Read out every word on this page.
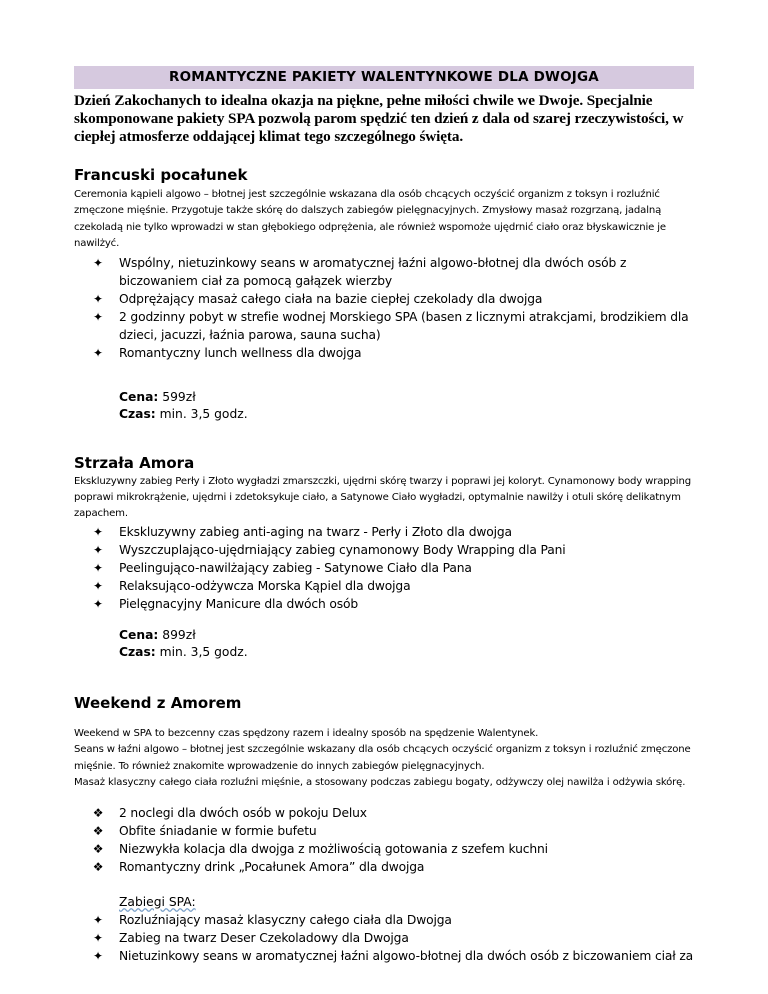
ROMANTYCZNE PAKIETY WALENTYNKOWE DLA DWOJGA
Dzień Zakochanych to idealna okazja na piękne, pełne miłości chwile we Dwoje. Specjalnie skomponowane pakiety SPA pozwolą parom spędzić ten dzień z dala od szarej rzeczywistości, w ciepłej atmosferze oddającej klimat tego szczególnego święta.
Francuski pocałunek
Ceremonia kąpieli algowo – błotnej jest szczególnie wskazana dla osób chcących oczyścić organizm z toksyn i rozluźnić zmęczone mięśnie. Przygotuje także skórę do dalszych zabiegów pielęgnacyjnych. Zmysłowy masaż rozgrzaną, jadalną czekoladą nie tylko wprowadzi w stan głębokiego odprężenia, ale również wspomoże ujędrnić ciało oraz błyskawicznie je nawilżyć.
✦ Wspólny, nietuzinkowy seans w aromatycznej łaźni algowo-błotnej dla dwóch osób z biczowaniem ciał za pomocą gałązek wierzby
✦ Odprężający masaż całego ciała na bazie ciepłej czekolady dla dwojga
✦ 2 godzinny pobyt w strefie wodnej Morskiego SPA (basen z licznymi atrakcjami, brodzikiem dla dzieci, jacuzzi, łaźnia parowa, sauna sucha)
✦ Romantyczny lunch wellness dla dwojga
Cena: 599zł
Czas: min. 3,5 godz.
Strzała Amora
Ekskluzywny zabieg Perły i Złoto wygładzi zmarszczki, ujędrni skórę twarzy i poprawi jej koloryt. Cynamonowy body wrapping poprawi mikrokrążenie, ujędrni i zdetoksykuje ciało, a Satynowe Ciało wygładzi, optymalnie nawilży i otuli skórę delikatnym zapachem.
✦ Ekskluzywny zabieg anti-aging na twarz - Perły i Złoto dla dwojga
✦ Wyszczuplająco-ujędrniający zabieg cynamonowy Body Wrapping dla Pani
✦ Peelingująco-nawilżający zabieg - Satynowe Ciało dla Pana
✦ Relaksująco-odżywcza Morska Kąpiel dla dwojga
✦ Pielęgnacyjny Manicure dla dwóch osób
Cena: 899zł
Czas: min. 3,5 godz.
Weekend z Amorem
Weekend w SPA to bezcenny czas spędzony razem i idealny sposób na spędzenie Walentynek.
Seans w łaźni algowo – błotnej jest szczególnie wskazany dla osób chcących oczyścić organizm z toksyn i rozluźnić zmęczone mięśnie. To również znakomite wprowadzenie do innych zabiegów pielęgnacyjnych.
Masaż klasyczny całego ciała rozluźni mięśnie, a stosowany podczas zabiegu bogaty, odżywczy olej nawilża i odżywia skórę.
❖ 2 noclegi dla dwóch osób w pokoju Delux
❖ Obfite śniadanie w formie bufetu
❖ Niezwykła kolacja dla dwojga z możliwością gotowania z szefem kuchni
❖ Romantyczny drink „Pocałunek Amora” dla dwojga
Zabiegi SPA:
✦ Rozluźniający masaż klasyczny całego ciała dla Dwojga
✦ Zabieg na twarz Deser Czekoladowy dla Dwojga
✦ Nietuzinkowy seans w aromatycznej łaźni algowo-błotnej dla dwóch osób z biczowaniem ciał za
